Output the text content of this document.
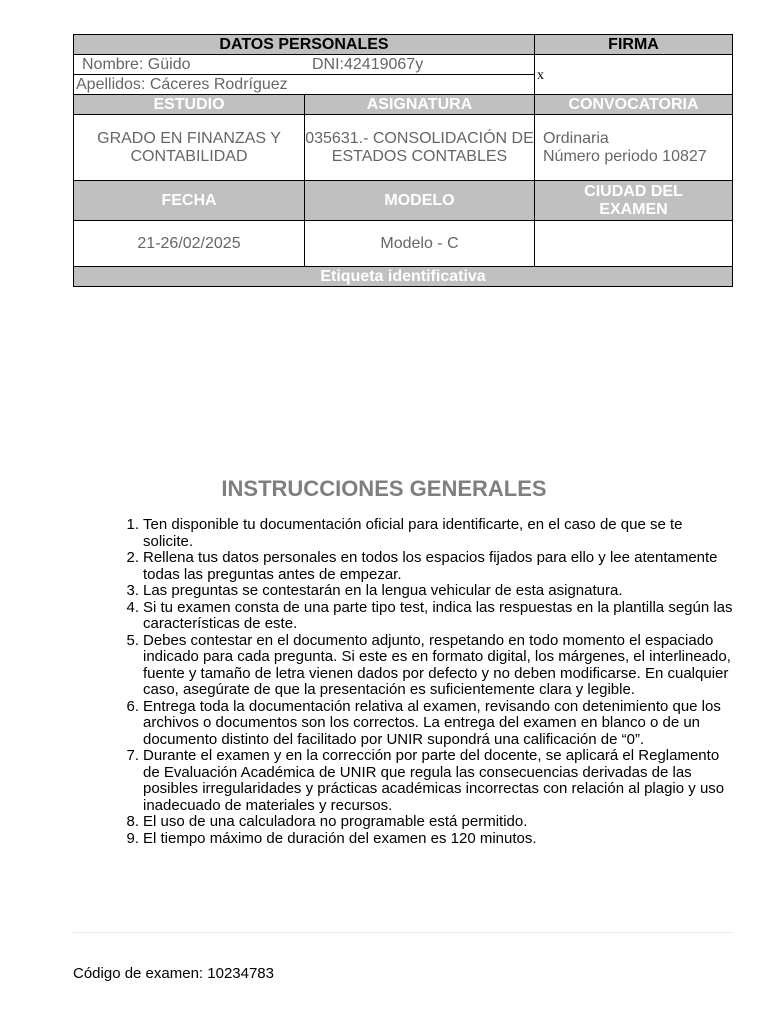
DATOS PERSONALES		FIRMA

Nombre: Güido DNI:42419067y
Apellidos: Cáceres Rodríguez		x
ESTUDIO	ASIGNATURA	CONVOCATORIA
GRADO EN FINANZAS Y CONTABILIDAD	035631.- CONSOLIDACIÓN DE ESTADOS CONTABLES	Ordinaria
Número periodo 10827

FECHA	MODELO	CIUDAD DEL EXAMEN
21-26/02/2025	Modelo - C	
Etiqueta identificativa		
INSTRUCCIONES GENERALES
1. Ten disponible tu documentación oficial para identificarte, en el caso de que se te solicite.
2. Rellena tus datos personales en todos los espacios fijados para ello y lee atentamente todas las preguntas antes de empezar.
3. Las preguntas se contestarán en la lengua vehicular de esta asignatura.
4. Si tu examen consta de una parte tipo test, indica las respuestas en la plantilla según las características de este.
5. Debes contestar en el documento adjunto, respetando en todo momento el espaciado indicado para cada pregunta. Si este es en formato digital, los márgenes, el interlineado, fuente y tamaño de letra vienen dados por defecto y no deben modificarse. En cualquier caso, asegúrate de que la presentación es suficientemente clara y legible.
6. Entrega toda la documentación relativa al examen, revisando con detenimiento que los archivos o documentos son los correctos. La entrega del examen en blanco o de un documento distinto del facilitado por UNIR supondrá una calificación de “0”.
7. Durante el examen y en la corrección por parte del docente, se aplicará el Reglamento de Evaluación Académica de UNIR que regula las consecuencias derivadas de las posibles irregularidades y prácticas académicas incorrectas con relación al plagio y uso inadecuado de materiales y recursos.
8. El uso de una calculadora no programable está permitido.
9. El tiempo máximo de duración del examen es 120 minutos.
Código de examen: 10234783
